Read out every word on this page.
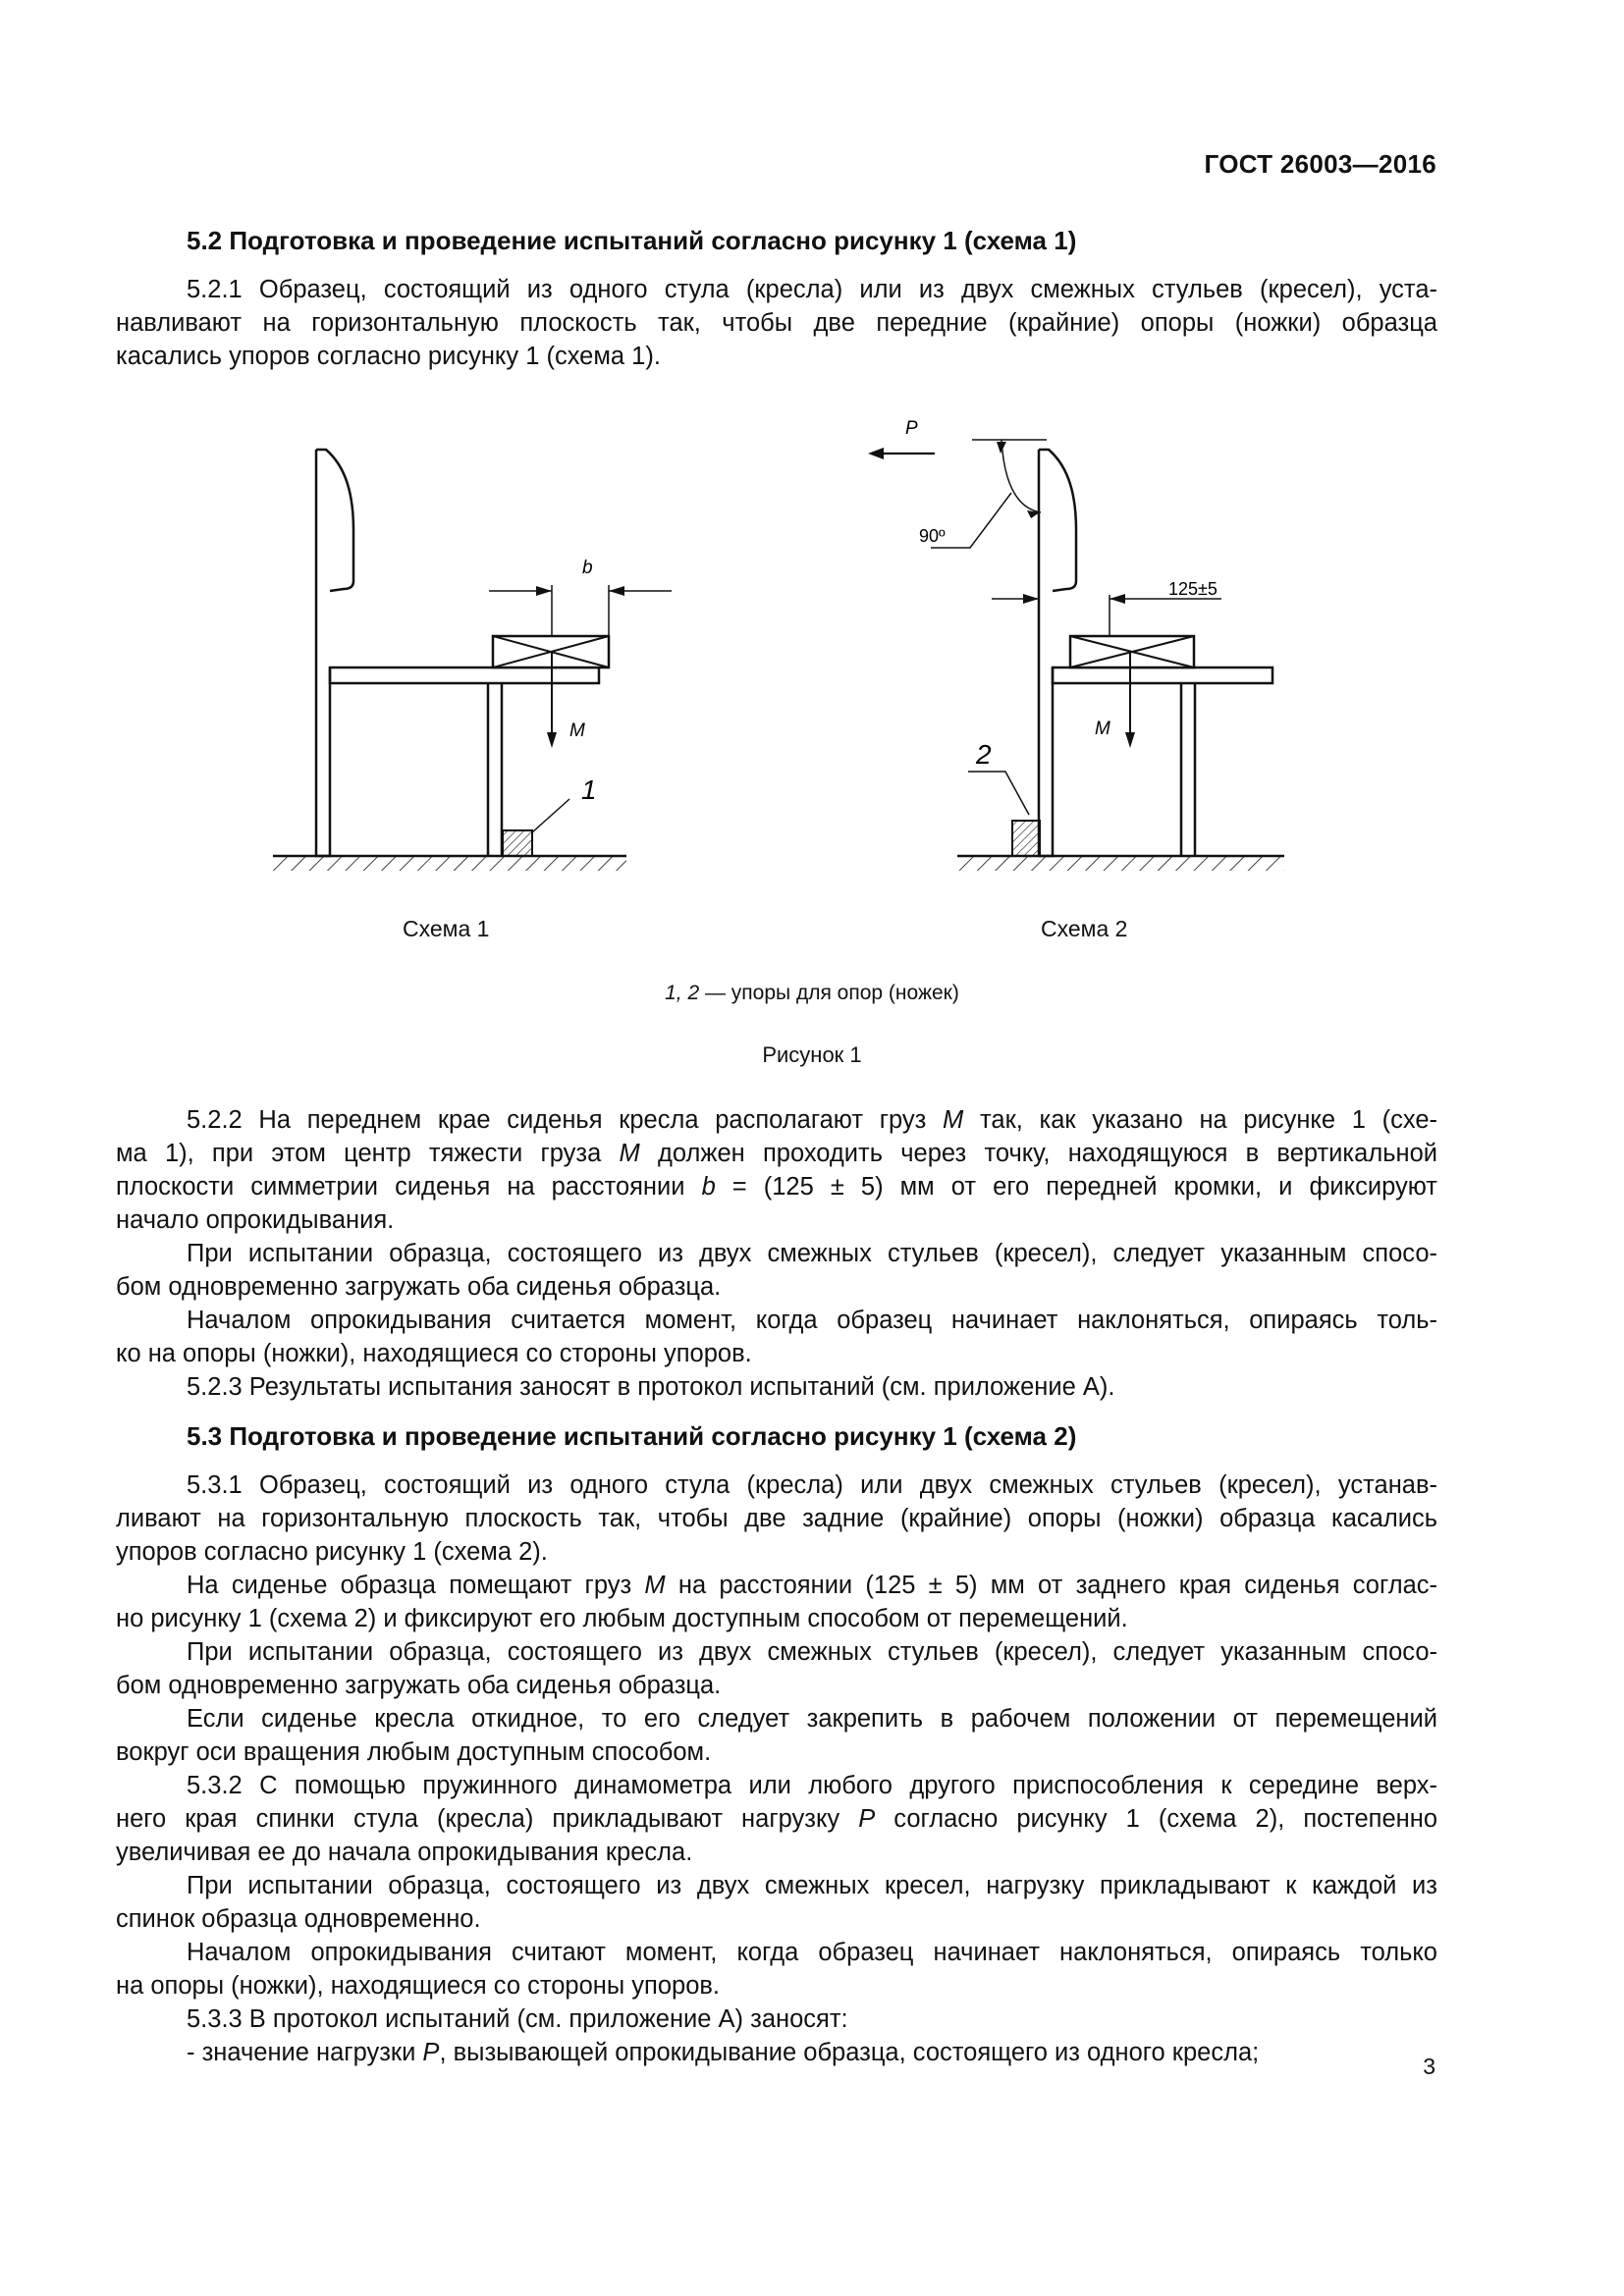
ГОСТ 26003—2016
5.2 Подготовка и проведение испытаний согласно рисунку 1 (схема 1)
5.2.1 Образец, состоящий из одного стула (кресла) или из двух смежных стульев (кресел), уста-
навливают на горизонтальную плоскость так, чтобы две передние (крайние) опоры (ножки) образца
касались упоров согласно рисунку 1 (схема 1).
b
M
1
P
90º
125±5
M
2
Схема 1	Схема 2
1, 2 — упоры для опор (ножек)
Рисунок 1
5.2.2 На переднем крае сиденья кресла располагают груз M так, как указано на рисунке 1 (схе-
ма 1), при этом центр тяжести груза M должен проходить через точку, находящуюся в вертикальной
плоскости симметрии сиденья на расстоянии b = (125 ± 5) мм от его передней кромки, и фиксируют
начало опрокидывания.
При испытании образца, состоящего из двух смежных стульев (кресел), следует указанным спосо-
бом одновременно загружать оба сиденья образца.
Началом опрокидывания считается момент, когда образец начинает наклоняться, опираясь толь-
ко на опоры (ножки), находящиеся со стороны упоров.
5.2.3 Результаты испытания заносят в протокол испытаний (см. приложение А).
5.3 Подготовка и проведение испытаний согласно рисунку 1 (схема 2)
5.3.1 Образец, состоящий из одного стула (кресла) или двух смежных стульев (кресел), устанав-
ливают на горизонтальную плоскость так, чтобы две задние (крайние) опоры (ножки) образца касались
упоров согласно рисунку 1 (схема 2).
На сиденье образца помещают груз M на расстоянии (125 ± 5) мм от заднего края сиденья соглас-
но рисунку 1 (схема 2) и фиксируют его любым доступным способом от перемещений.
При испытании образца, состоящего из двух смежных стульев (кресел), следует указанным спосо-
бом одновременно загружать оба сиденья образца.
Если сиденье кресла откидное, то его следует закрепить в рабочем положении от перемещений
вокруг оси вращения любым доступным способом.
5.3.2 С помощью пружинного динамометра или любого другого приспособления к середине верх-
него края спинки стула (кресла) прикладывают нагрузку P согласно рисунку 1 (схема 2), постепенно
увеличивая ее до начала опрокидывания кресла.
При испытании образца, состоящего из двух смежных кресел, нагрузку прикладывают к каждой из
спинок образца одновременно.
Началом опрокидывания считают момент, когда образец начинает наклоняться, опираясь только
на опоры (ножки), находящиеся со стороны упоров.
5.3.3 В протокол испытаний (см. приложение А) заносят:
- значение нагрузки P, вызывающей опрокидывание образца, состоящего из одного кресла;	3
